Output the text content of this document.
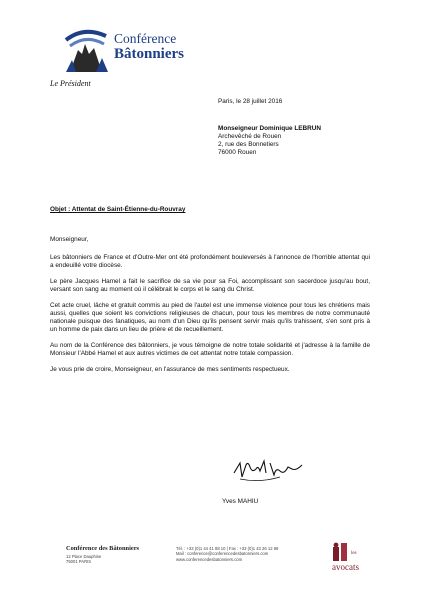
Conférence
Bâtonniers
Le Président
Paris, le 28 juillet 2016
Monseigneur Dominique LEBRUN
Archevêché de Rouen
2, rue des Bonnetiers
76000 Rouen
Objet : Attentat de Saint-Étienne-du-Rouvray

Monseigneur,

Les bâtonniers de France et d'Outre-Mer ont été profondément bouleversés à l'annonce de l'horrible attentat qui a endeuillé votre diocèse.

Le père Jacques Hamel a fait le sacrifice de sa vie pour sa Foi, accomplissant son sacerdoce jusqu'au bout, versant son sang au moment où il célébrait le corps et le sang du Christ.

Cet acte cruel, lâche et gratuit commis au pied de l'autel est une immense violence pour tous les chrétiens mais aussi, quelles que soient les convictions religieuses de chacun, pour tous les membres de notre communauté nationale puisque des fanatiques, au nom d'un Dieu qu'ils pensent servir mais qu'ils trahissent, s'en sont pris à un homme de paix dans un lieu de prière et de recueillement.

Au nom de la Conférence des bâtonniers, je vous témoigne de notre totale solidarité et j'adresse à la famille de Monsieur l'Abbé Hamel et aux autres victimes de cet attentat notre totale compassion.

Je vous prie de croire, Monseigneur, en l'assurance de mes sentiments respectueux.

Yves MAHIU
Conférence des Bâtonniers
12 Place Dauphine
75001 PARIS
Tél. : +33 (0)1 44 41 88 10 | Fax : +33 (0)1 43 26 12 69
Mail : conference@conferencedesbatonniers.com
www.conferencedesbatonniers.com
les
avocats
